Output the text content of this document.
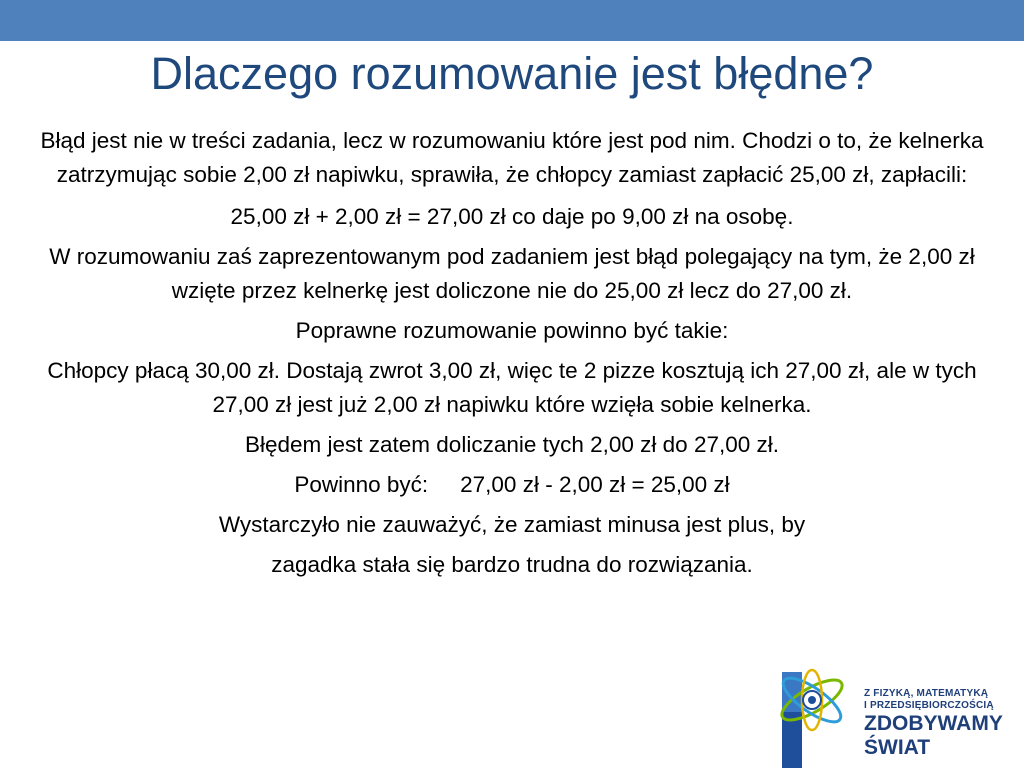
Dlaczego rozumowanie jest błędne?

Błąd jest nie w treści zadania, lecz w rozumowaniu które jest pod nim. Chodzi o to, że kelnerka zatrzymując sobie 2,00 zł napiwku, sprawiła, że chłopcy zamiast zapłacić 25,00 zł, zapłacili:

25,00 zł + 2,00 zł = 27,00 zł co daje po 9,00 zł na osobę.

W rozumowaniu zaś zaprezentowanym pod zadaniem jest błąd polegający na tym, że 2,00 zł wzięte przez kelnerkę jest doliczone nie do 25,00 zł lecz do 27,00 zł.

Poprawne rozumowanie powinno być takie:

Chłopcy płacą 30,00 zł. Dostają zwrot 3,00 zł, więc te 2 pizze kosztują ich 27,00 zł, ale w tych 27,00 zł jest już 2,00 zł napiwku które wzięła sobie kelnerka.

Błędem jest zatem doliczanie tych 2,00 zł do 27,00 zł.

Powinno być: 27,00 zł - 2,00 zł = 25,00 zł

Wystarczyło nie zauważyć, że zamiast minusa jest plus, by

zagadka stała się bardzo trudna do rozwiązania.

Z FIZYKĄ, MATEMATYKĄ
I PRZEDSIĘBIORCZOŚCIĄ
ZDOBYWAMY
ŚWIAT
